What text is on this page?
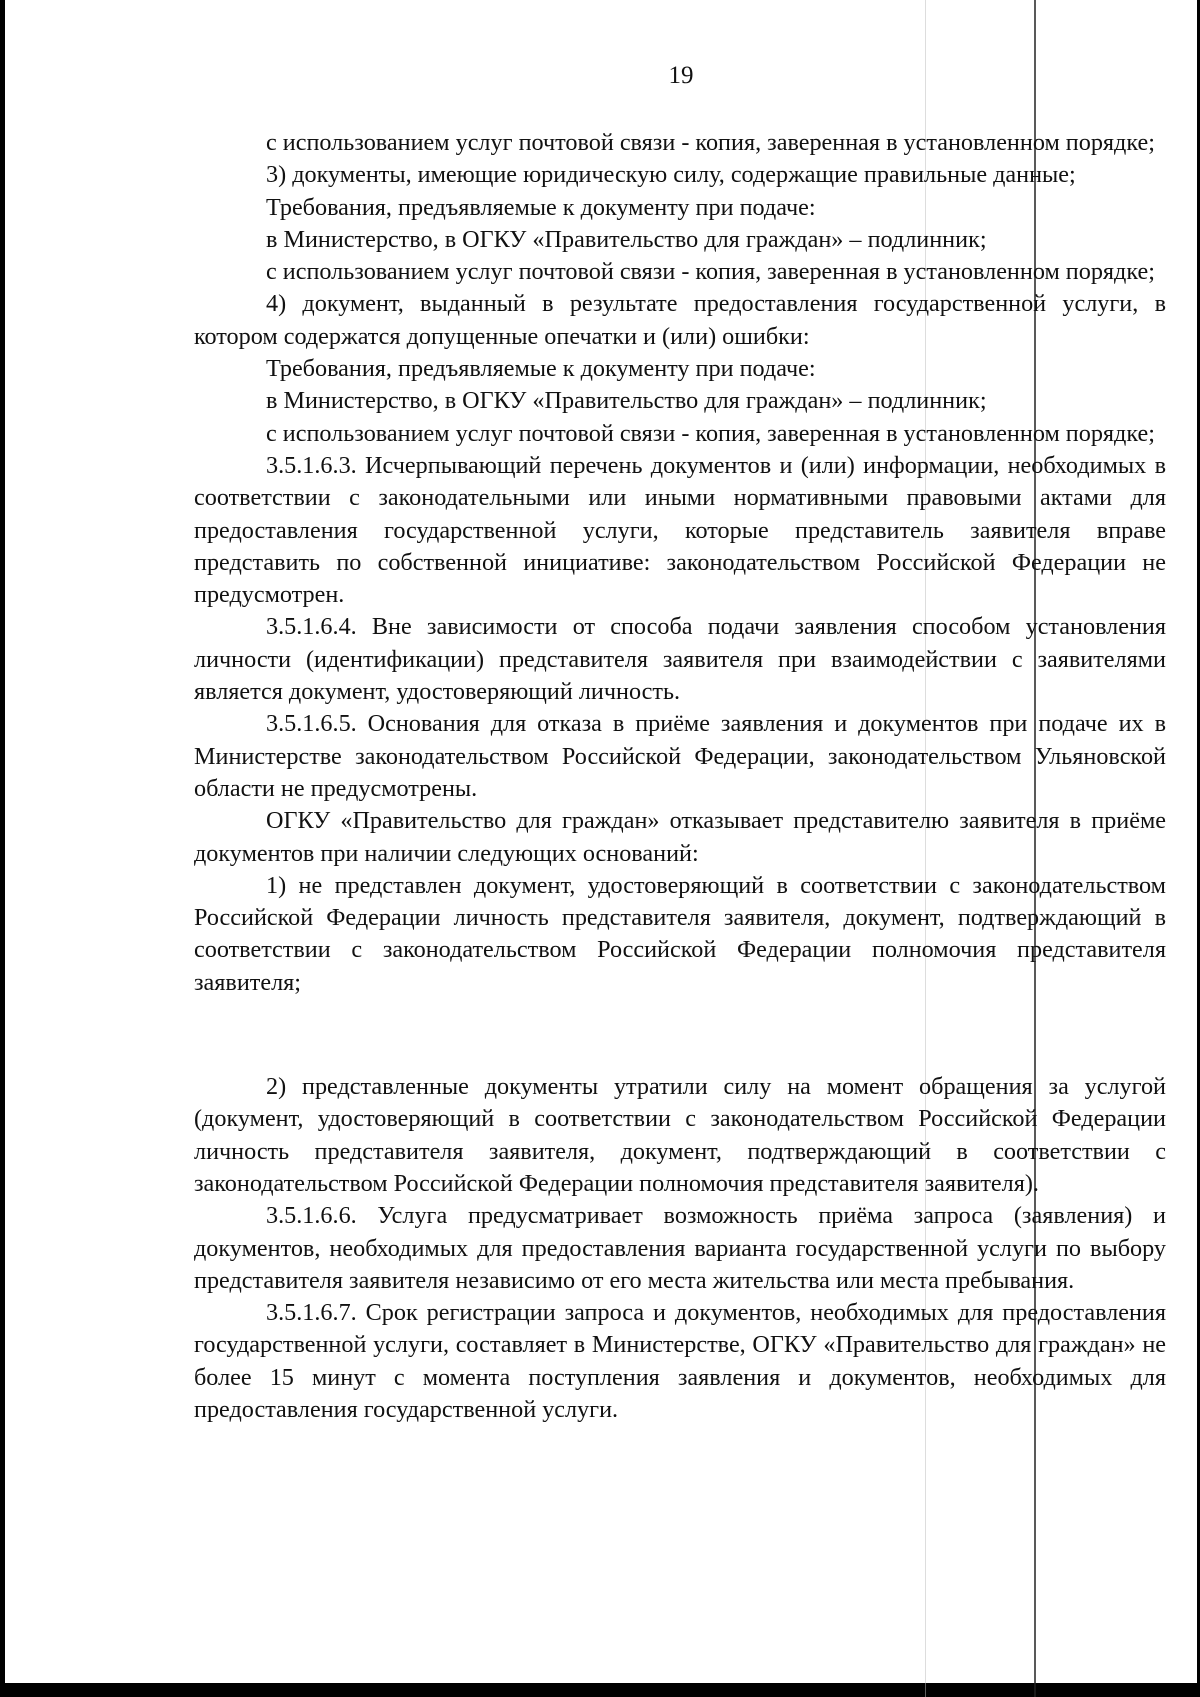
19

с использованием услуг почтовой связи - копия, заверенная в установленном порядке;

3) документы, имеющие юридическую силу, содержащие правильные данные;

Требования, предъявляемые к документу при подаче:

в Министерство, в ОГКУ «Правительство для граждан» – подлинник;

с использованием услуг почтовой связи - копия, заверенная в установленном порядке;

4) документ, выданный в результате предоставления государственной услуги, в котором содержатся допущенные опечатки и (или) ошибки:

Требования, предъявляемые к документу при подаче:

в Министерство, в ОГКУ «Правительство для граждан» – подлинник;

с использованием услуг почтовой связи - копия, заверенная в установленном порядке;

3.5.1.6.3. Исчерпывающий перечень документов и (или) информации, необходимых в соответствии с законодательными или иными нормативными правовыми актами для предоставления государственной услуги, которые представитель заявителя вправе представить по собственной инициативе: законодательством Российской Федерации не предусмотрен.

3.5.1.6.4. Вне зависимости от способа подачи заявления способом установления личности (идентификации) представителя заявителя при взаимодействии с заявителями является документ, удостоверяющий личность.

3.5.1.6.5. Основания для отказа в приёме заявления и документов при подаче их в Министерстве законодательством Российской Федерации, законодательством Ульяновской области не предусмотрены.

ОГКУ «Правительство для граждан» отказывает представителю заявителя в приёме документов при наличии следующих оснований:

1) не представлен документ, удостоверяющий в соответствии с законодательством Российской Федерации личность представителя заявителя, документ, подтверждающий в соответствии с законодательством Российской Федерации полномочия представителя заявителя;

2) представленные документы утратили силу на момент обращения за услугой (документ, удостоверяющий в соответствии с законодательством Российской Федерации личность представителя заявителя, документ, подтверждающий в соответствии с законодательством Российской Федерации полномочия представителя заявителя).

3.5.1.6.6. Услуга предусматривает возможность приёма запроса (заявления) и документов, необходимых для предоставления варианта государственной услуги по выбору представителя заявителя независимо от его места жительства или места пребывания.

3.5.1.6.7. Срок регистрации запроса и документов, необходимых для предоставления государственной услуги, составляет в Министерстве, ОГКУ «Правительство для граждан» не более 15 минут с момента поступления заявления и документов, необходимых для предоставления государственной услуги.
